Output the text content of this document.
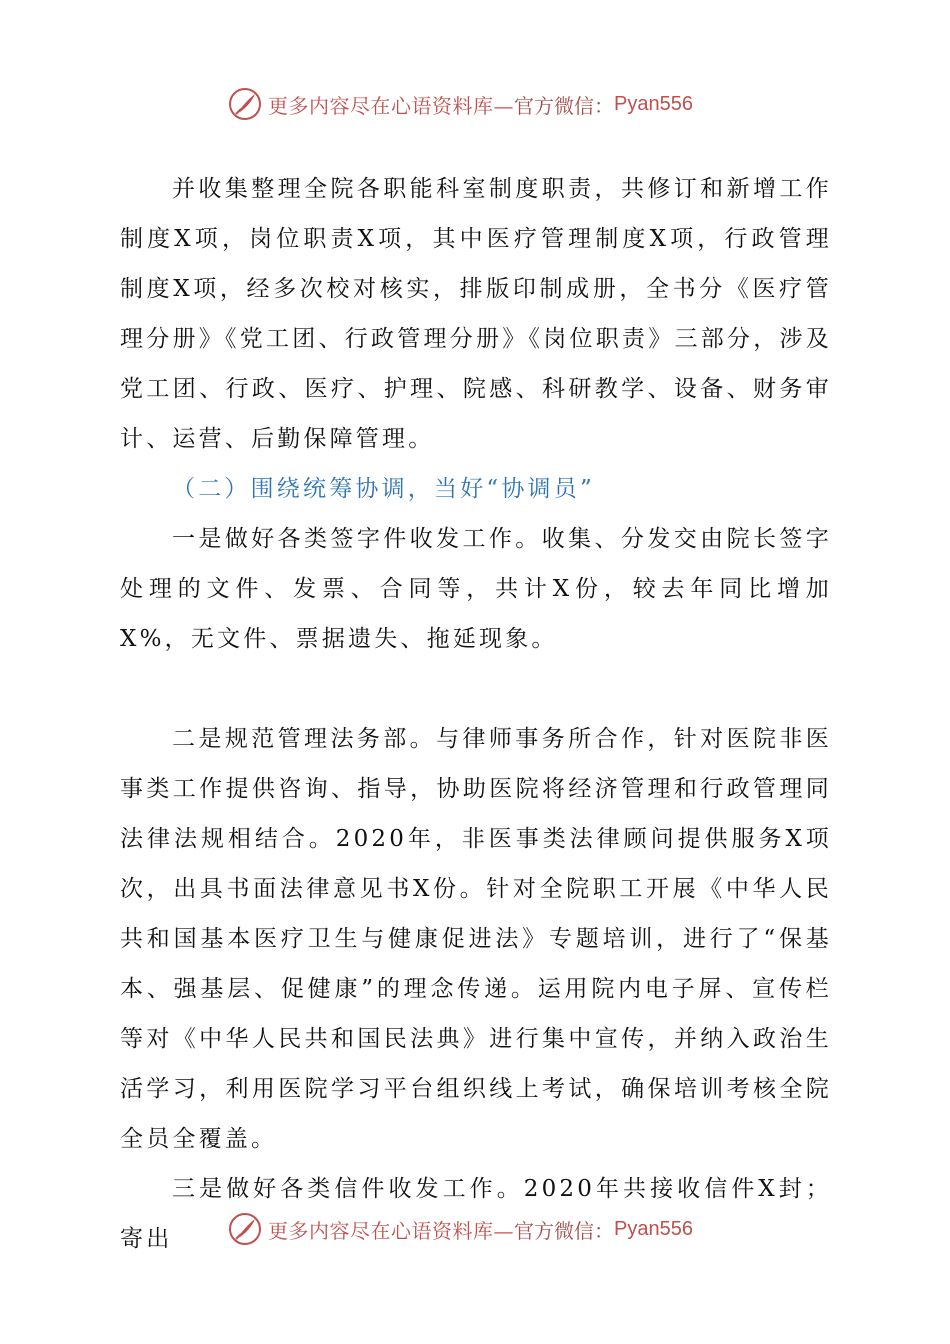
更多内容尽在心语资料库— 官方微信： Pyan556

并收集整理全院各职能科室制度职责，共修订和新增工作制度X项，岗位职责X项，其中医疗管理制度X项，行政管理制度X项，经多次校对核实，排版印制成册，全书分《医疗管理分册》《党工团、行政管理分册》《岗位职责》三部分，涉及党工团、行政、医疗、护理、院感、科研教学、设备、财务审计、运营、后勤保障管理。

（二）围绕统筹协调，当好“协调员”

一是做好各类签字件收发工作。收集、分发交由院长签字处理的文件、发票、合同等，共计X份，较去年同比增加X%，无文件、票据遗失、拖延现象。

二是规范管理法务部。与律师事务所合作，针对医院非医事类工作提供咨询、指导，协助医院将经济管理和行政管理同法律法规相结合。2020年，非医事类法律顾问提供服务X项次，出具书面法律意见书X份。针对全院职工开展《中华人民共和国基本医疗卫生与健康促进法》专题培训，进行了“保基本、强基层、促健康”的理念传递。运用院内电子屏、宣传栏等对《中华人民共和国民法典》进行集中宣传，并纳入政治生活学习，利用医院学习平台组织线上考试，确保培训考核全院全员全覆盖。

三是做好各类信件收发工作。2020年共接收信件X封；寄出	更多内容尽在心语资料库— 官方微信： Pyan556
